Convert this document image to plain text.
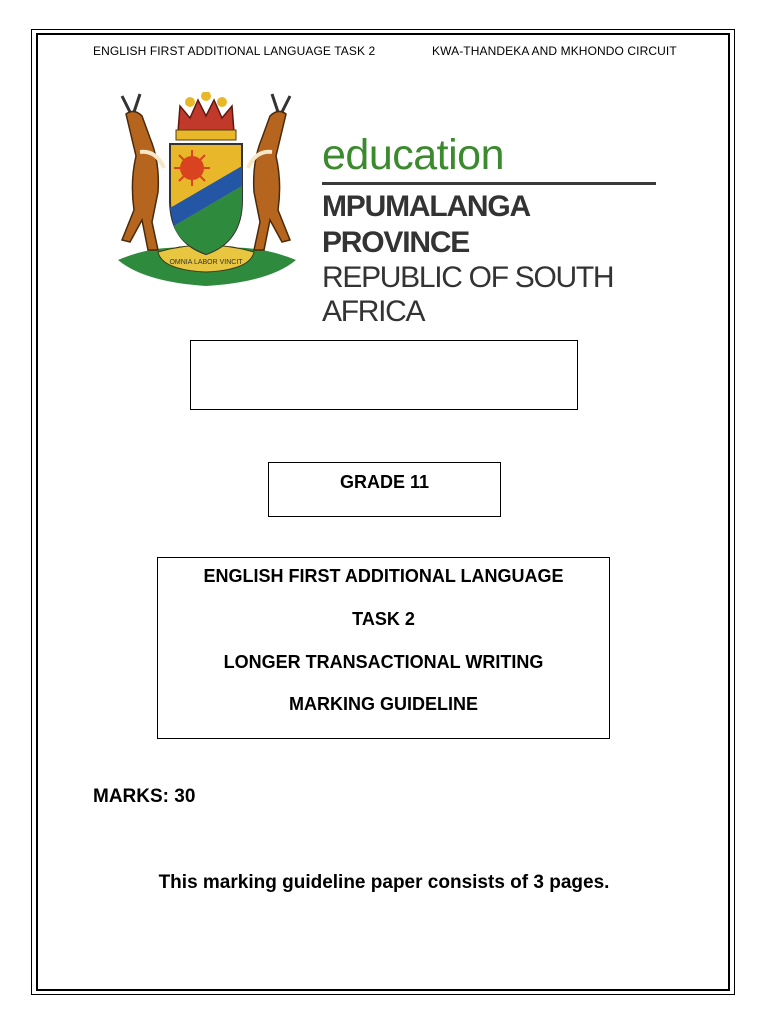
ENGLISH FIRST ADDITIONAL LANGUAGE TASK 2	KWA-THANDEKA AND MKHONDO CIRCUIT
OMNIA LABOR VINCIT
education
MPUMALANGA PROVINCE
REPUBLIC OF SOUTH AFRICA
GRADE 11
ENGLISH FIRST ADDITIONAL LANGUAGE
TASK 2
LONGER TRANSACTIONAL WRITING
MARKING GUIDELINE
MARKS: 30
This marking guideline paper consists of 3 pages.
